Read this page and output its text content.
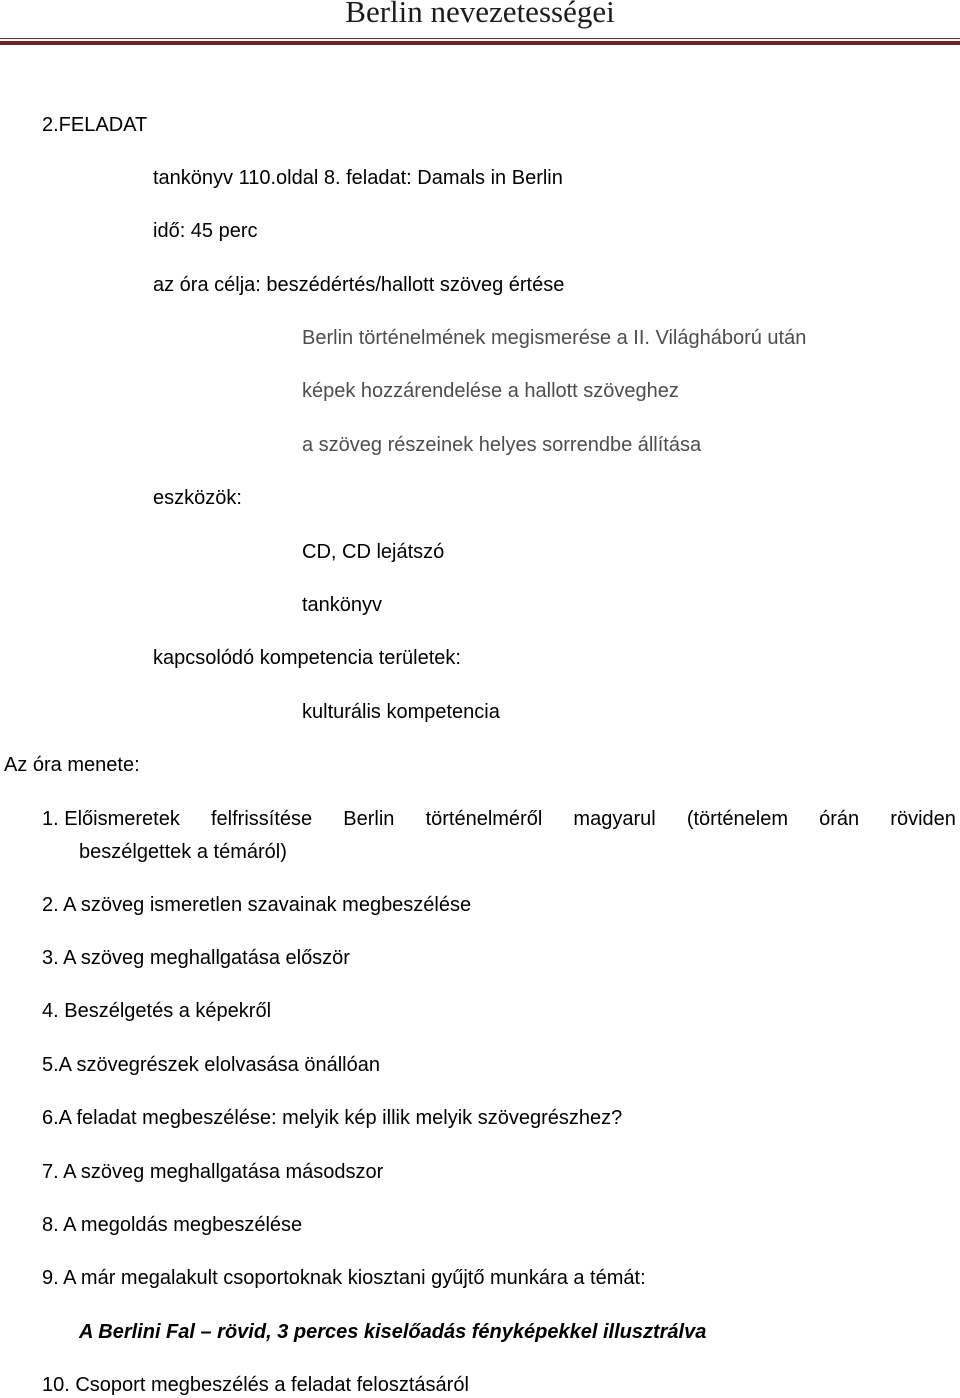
Berlin nevezetességei
2.FELADAT
tankönyv 110.oldal 8. feladat: Damals in Berlin
idő: 45 perc
az óra célja: beszédértés/hallott szöveg értése
Berlin történelmének megismerése a II. Világháború után
képek hozzárendelése a hallott szöveghez
a szöveg részeinek helyes sorrendbe állítása
eszközök:
CD, CD lejátszó
tankönyv
kapcsolódó kompetencia területek:
kulturális kompetencia
Az óra menete:
1. Előismeretek felfrissítése Berlin történelméről magyarul (történelem órán röviden
beszélgettek a témáról)
2. A szöveg ismeretlen szavainak megbeszélése
3. A szöveg meghallgatása először
4. Beszélgetés a képekről
5.A szövegrészek elolvasása önállóan
6.A feladat megbeszélése: melyik kép illik melyik szövegrészhez?
7. A szöveg meghallgatása másodszor
8. A megoldás megbeszélése
9. A már megalakult csoportoknak kiosztani gyűjtő munkára a témát:
A Berlini Fal – rövid, 3 perces kiselőadás fényképekkel illusztrálva
10. Csoport megbeszélés a feladat felosztásáról
